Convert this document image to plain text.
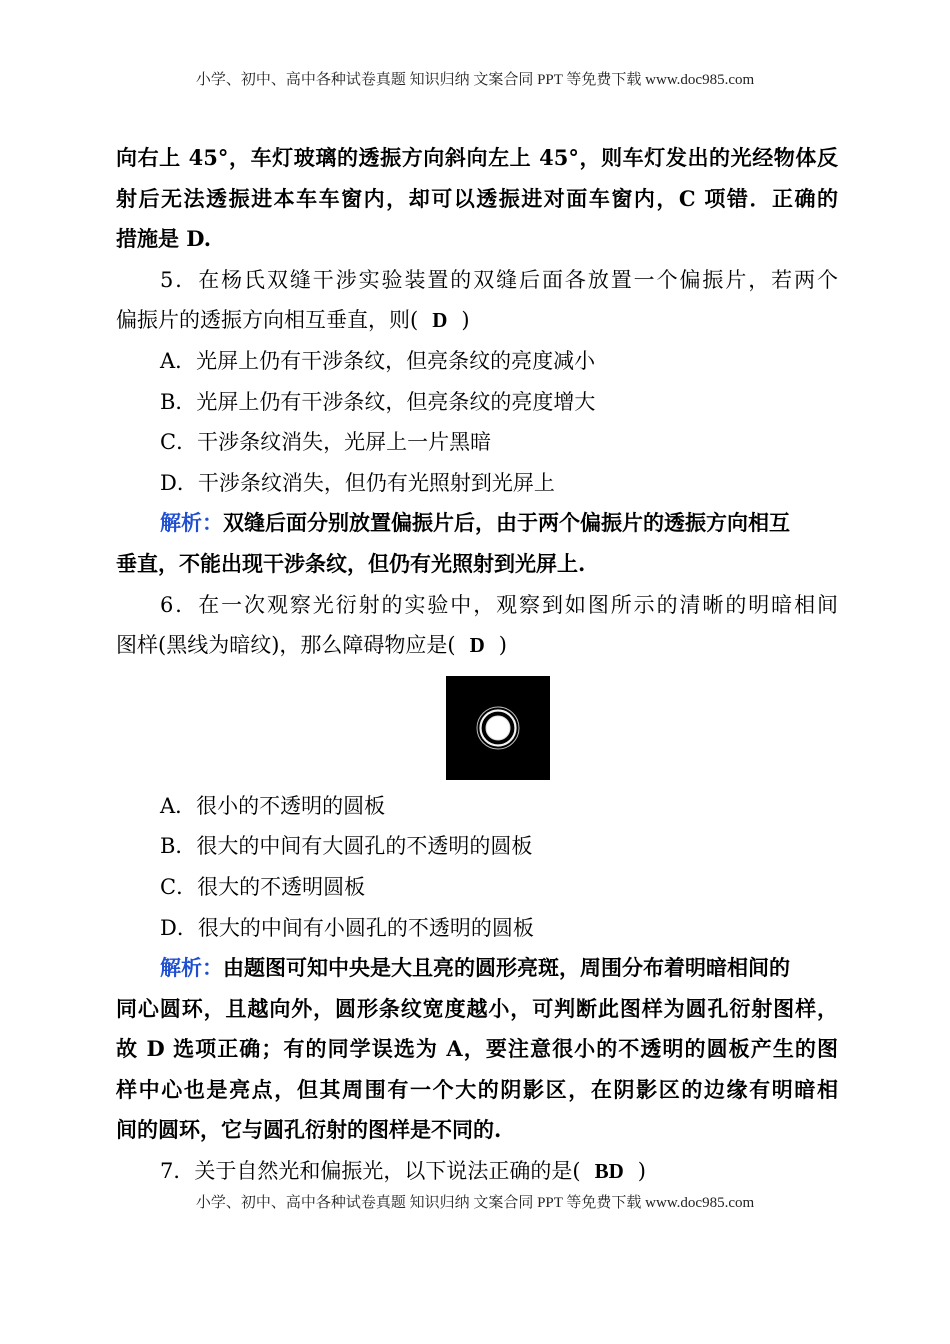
小学、初中、高中各种试卷真题 知识归纳 文案合同 PPT 等免费下载 www.doc985.com
向右上 45°，车灯玻璃的透振方向斜向左上 45°，则车灯发出的光经物体反
射后无法透振进本车车窗内，却可以透振进对面车窗内，C 项错．正确的
措施是 D.
5．在杨氏双缝干涉实验装置的双缝后面各放置一个偏振片，若两个
偏振片的透振方向相互垂直，则( D )
A．光屏上仍有干涉条纹，但亮条纹的亮度减小
B．光屏上仍有干涉条纹，但亮条纹的亮度增大
C．干涉条纹消失，光屏上一片黑暗
D．干涉条纹消失，但仍有光照射到光屏上
解析：双缝后面分别放置偏振片后，由于两个偏振片的透振方向相互
垂直，不能出现干涉条纹，但仍有光照射到光屏上.
6．在一次观察光衍射的实验中，观察到如图所示的清晰的明暗相间
图样(黑线为暗纹)，那么障碍物应是( D )
A．很小的不透明的圆板
B．很大的中间有大圆孔的不透明的圆板
C．很大的不透明圆板
D．很大的中间有小圆孔的不透明的圆板
解析：由题图可知中央是大且亮的圆形亮斑，周围分布着明暗相间的
同心圆环，且越向外，圆形条纹宽度越小，可判断此图样为圆孔衍射图样，
故 D 选项正确；有的同学误选为 A，要注意很小的不透明的圆板产生的图
样中心也是亮点，但其周围有一个大的阴影区，在阴影区的边缘有明暗相
间的圆环，它与圆孔衍射的图样是不同的.
7．关于自然光和偏振光，以下说法正确的是( BD )
小学、初中、高中各种试卷真题 知识归纳 文案合同 PPT 等免费下载 www.doc985.com
